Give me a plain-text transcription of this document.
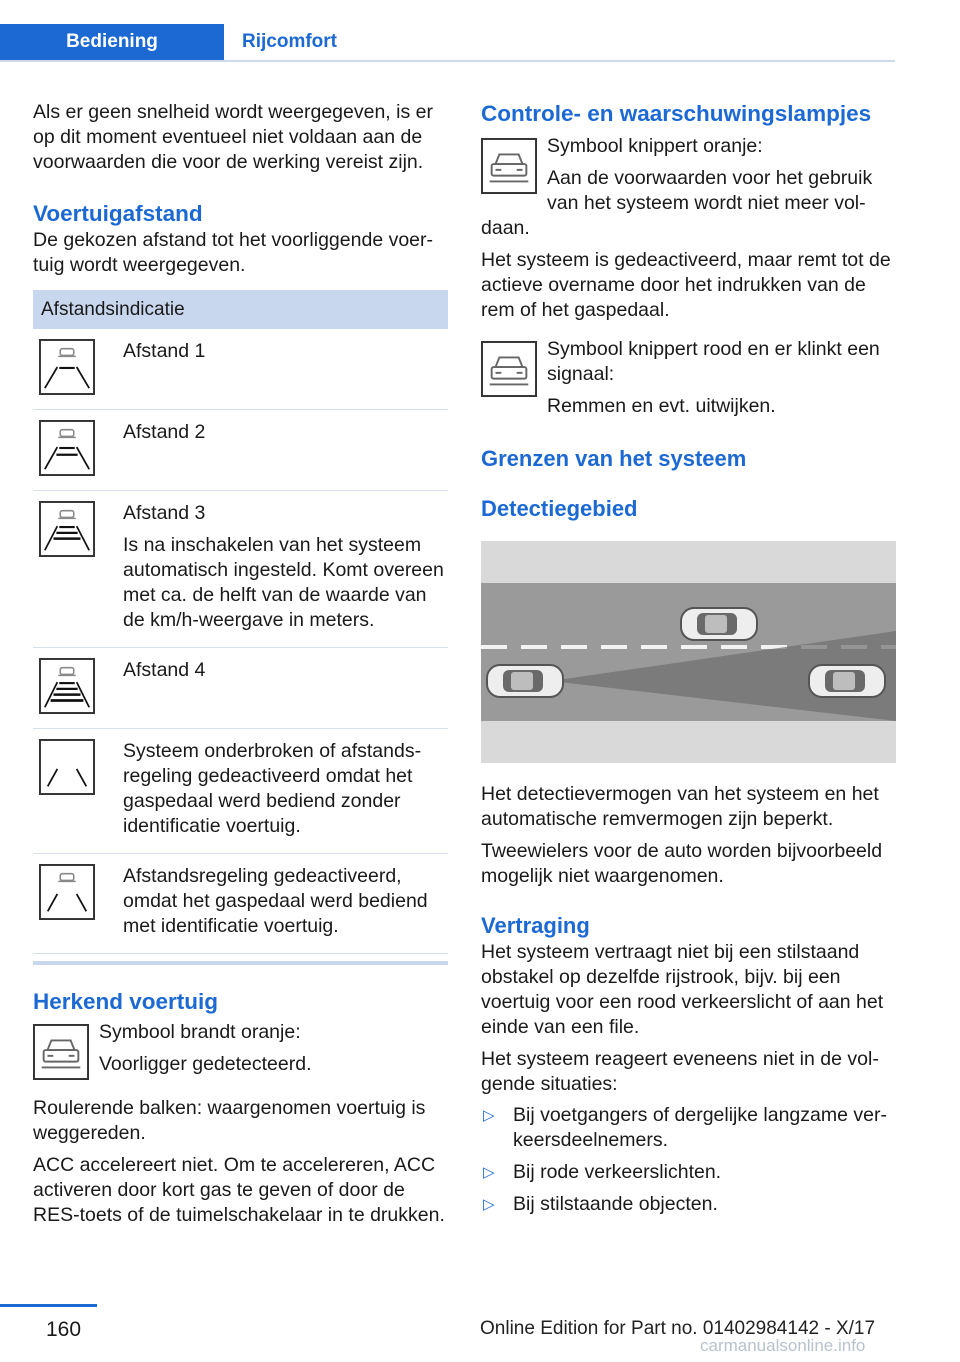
Bediening	Rijcomfort

Als er geen snelheid wordt weergegeven, is er op dit moment eventueel niet voldaan aan de voorwaarden die voor de werking vereist zijn.

Voertuigafstand

De gekozen afstand tot het voorliggende voertuig wordt weergegeven.

Afstandsindicatie
Afstand 1
Afstand 2
Afstand 3
Is na inschakelen van het systeem automatisch ingesteld. Komt overeen met ca. de helft van de waarde van de km/h-weergave in meters.
Afstand 4
Systeem onderbroken of afstandsregeling gedeactiveerd omdat het gaspedaal werd bediend zonder identificatie voertuig.
Afstandsregeling gedeactiveerd, omdat het gaspedaal werd bediend met identificatie voertuig.
Herkend voertuig

Symbool brandt oranje:

Voorligger gedetecteerd.

Roulerende balken: waargenomen voertuig is weggereden.

ACC accelereert niet. Om te accelereren, ACC activeren door kort gas te geven of door de RES-toets of de tuimelschakelaar in te drukken.

Controle- en waarschuwingslampjes

Symbool knippert oranje:

Aan de voorwaarden voor het gebruik van het systeem wordt niet meer voldaan.

Het systeem is gedeactiveerd, maar remt tot de actieve overname door het indrukken van de rem of het gaspedaal.

Symbool knippert rood en er klinkt een signaal:

Remmen en evt. uitwijken.

Grenzen van het systeem
Detectiegebied

Het detectievermogen van het systeem en het automatische remvermogen zijn beperkt.

Tweewielers voor de auto worden bijvoorbeeld mogelijk niet waargenomen.

Vertraging

Het systeem vertraagt niet bij een stilstaand obstakel op dezelfde rijstrook, bijv. bij een voertuig voor een rood verkeerslicht of aan het einde van een file.

Het systeem reageert eveneens niet in de volgende situaties:

▷ Bij voetgangers of dergelijke langzame verkeersdeelnemers.
▷ Bij rode verkeerslichten.
▷ Bij stilstaande objecten.
160	Online Edition for Part no. 01402984142 - X/17
carmanualsonline.info
